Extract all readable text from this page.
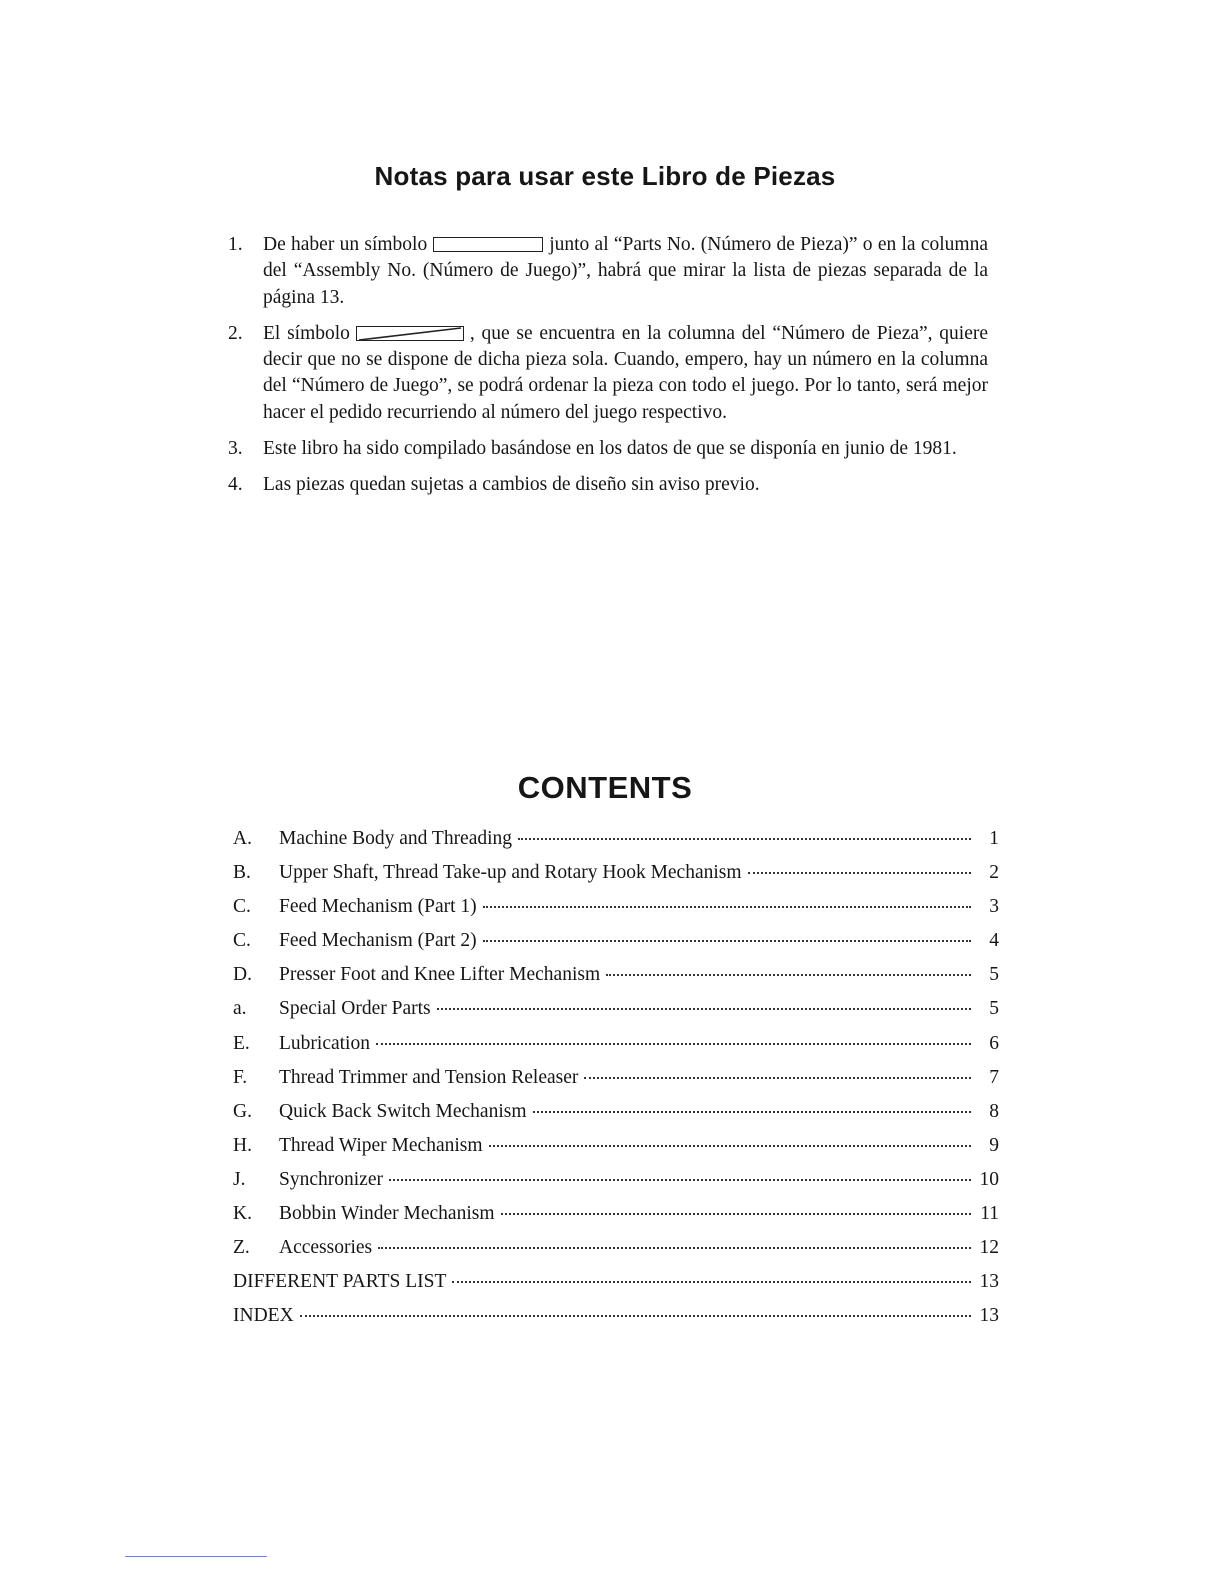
Notas para usar este Libro de Piezas
1. De haber un símbolo	junto al “Parts No. (Número de Pieza)” o en la columna del “Assembly No. (Número de Juego)”, habrá que mirar la lista de piezas separada de la página 13.
2. El símbolo	, que se encuentra en la columna del “Número de Pieza”, quiere decir que no se dispone de dicha pieza sola. Cuando, empero, hay un número en la columna del “Número de Juego”, se podrá ordenar la pieza con todo el juego. Por lo tanto, será mejor hacer el pedido recurriendo al número del juego respectivo.
3. Este libro ha sido compilado basándose en los datos de que se disponía en junio de 1981.
4. Las piezas quedan sujetas a cambios de diseño sin aviso previo.
CONTENTS
A.	Machine Body and Threading	1
B.	Upper Shaft, Thread Take-up and Rotary Hook Mechanism	2
C.	Feed Mechanism (Part 1)	3
C.	Feed Mechanism (Part 2)	4
D.	Presser Foot and Knee Lifter Mechanism	5
a.	Special Order Parts	5
E.	Lubrication	6
F.	Thread Trimmer and Tension Releaser	7
G.	Quick Back Switch Mechanism	8
H.	Thread Wiper Mechanism	9
J.	Synchronizer	10
K.	Bobbin Winder Mechanism	11
Z.	Accessories	12
DIFFERENT PARTS LIST	13
INDEX	13
